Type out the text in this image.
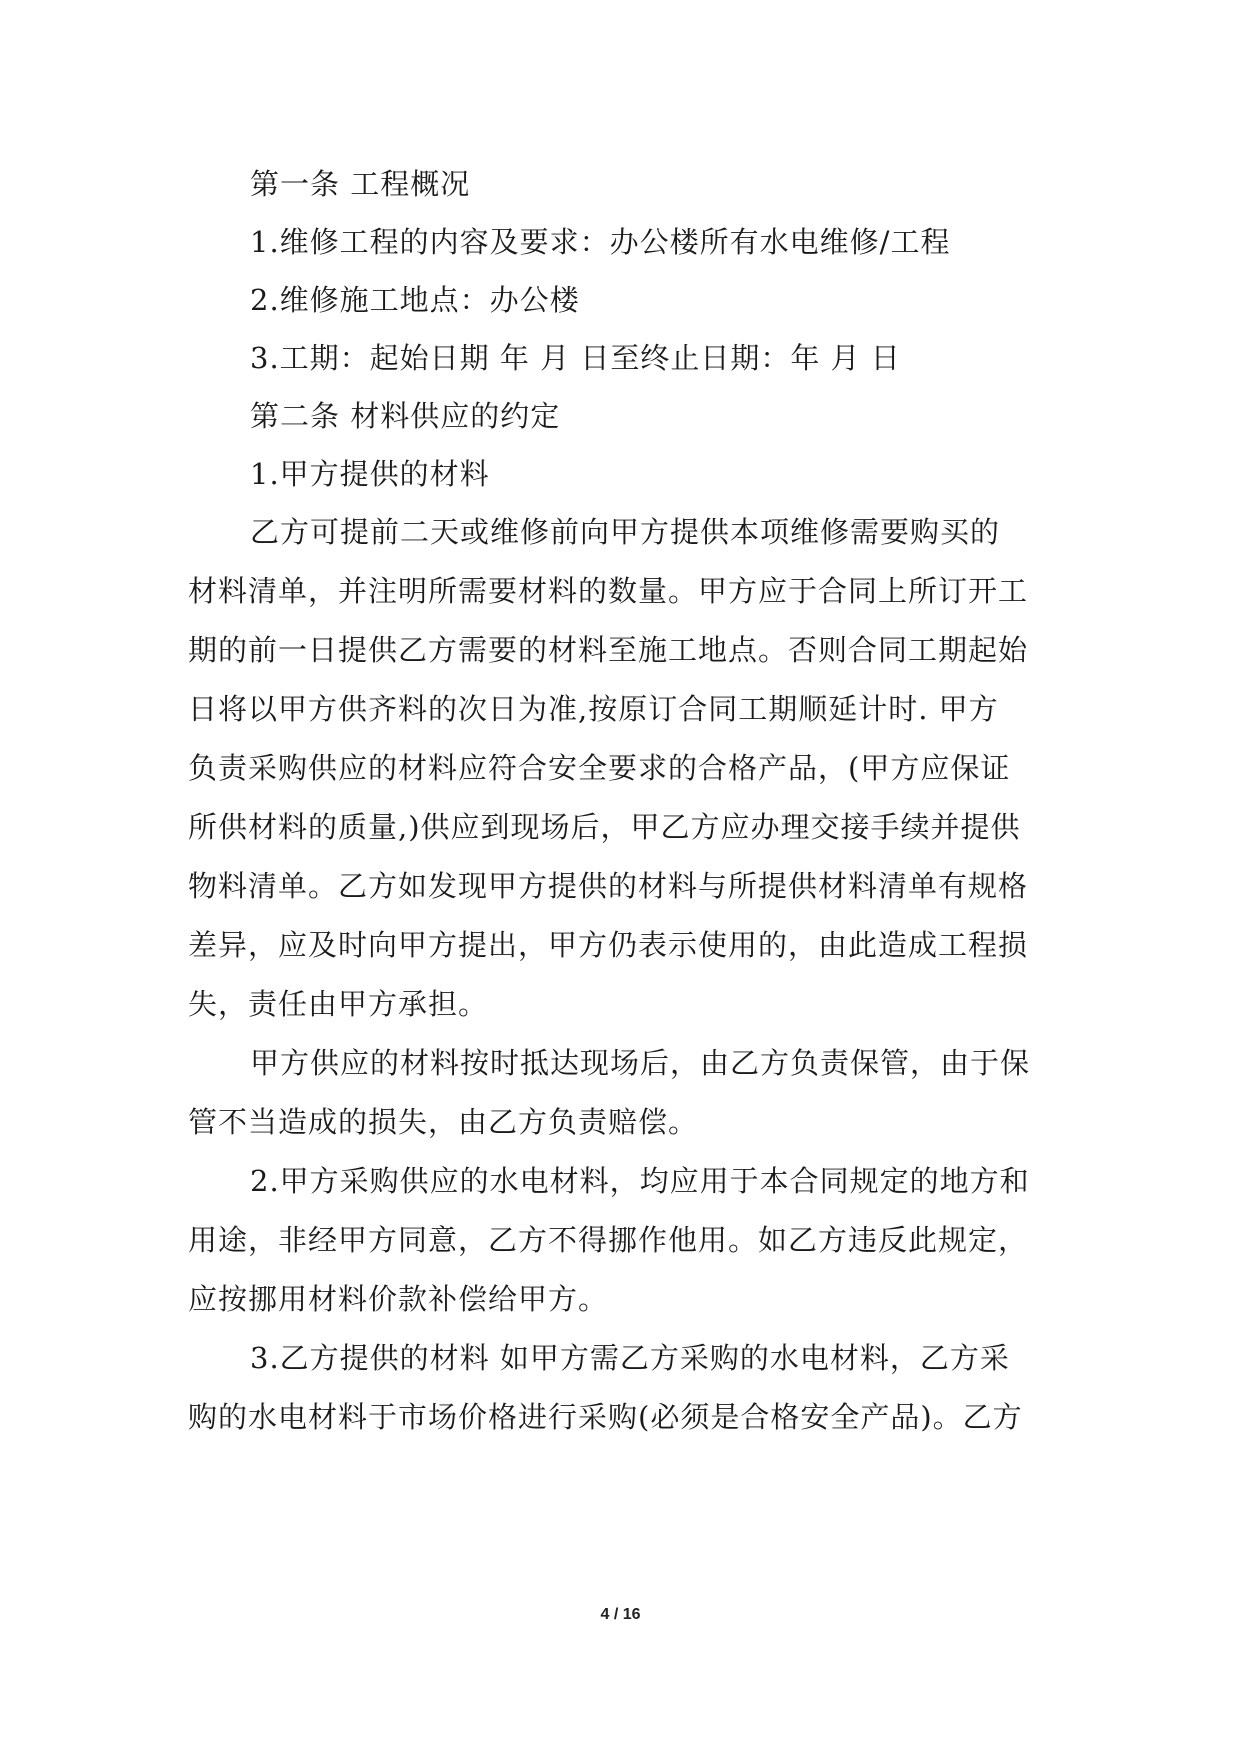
第一条 工程概况
1.维修工程的内容及要求：办公楼所有水电维修/工程
2.维修施工地点：办公楼
3.工期：起始日期 年 月 日至终止日期：年 月 日
第二条 材料供应的约定
1.甲方提供的材料
乙方可提前二天或维修前向甲方提供本项维修需要购买的
材料清单，并注明所需要材料的数量。甲方应于合同上所订开工
期的前一日提供乙方需要的材料至施工地点。否则合同工期起始
日将以甲方供齐料的次日为准,按原订合同工期顺延计时. 甲方
负责采购供应的材料应符合安全要求的合格产品，(甲方应保证
所供材料的质量,)供应到现场后，甲乙方应办理交接手续并提供
物料清单。乙方如发现甲方提供的材料与所提供材料清单有规格
差异，应及时向甲方提出，甲方仍表示使用的，由此造成工程损
失，责任由甲方承担。
甲方供应的材料按时抵达现场后，由乙方负责保管，由于保
管不当造成的损失，由乙方负责赔偿。
2.甲方采购供应的水电材料，均应用于本合同规定的地方和
用途，非经甲方同意，乙方不得挪作他用。如乙方违反此规定，
应按挪用材料价款补偿给甲方。
3.乙方提供的材料 如甲方需乙方采购的水电材料，乙方采
购的水电材料于市场价格进行采购(必须是合格安全产品)。乙方
4 / 16
